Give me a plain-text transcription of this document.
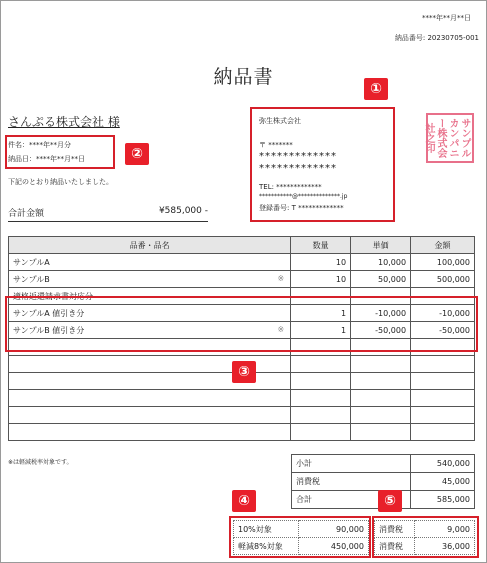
****年**月**日
納品番号: 20230705-001
納品書
さんぷる株式会社 様
件名：****年**月分
納品日：****年**月**日
下記のとおり納品いたしました。
合計金額	¥585,000 -
弥生株式会社
〒 *******
*************
*************
TEL: *************
***********@**************.jp
登録番号: T *************
サンプルカンパニー株式会社之印
品番・品名	数量	単価	金額
サンプルA	10	10,000	100,000
サンプルB ※	10	50,000	500,000
適格返還請求書対応分

サンプルA 値引き分	1	-10,000	-10,000
サンプルB 値引き分 ※	1	-50,000	-50,000

※は軽減税率対象です。	小計	540,000
消費税	45,000
合計	585,000
10%対象	90,000
軽減8%対象	450,000
消費税	9,000
消費税	36,000
①
②
③
④	⑤
